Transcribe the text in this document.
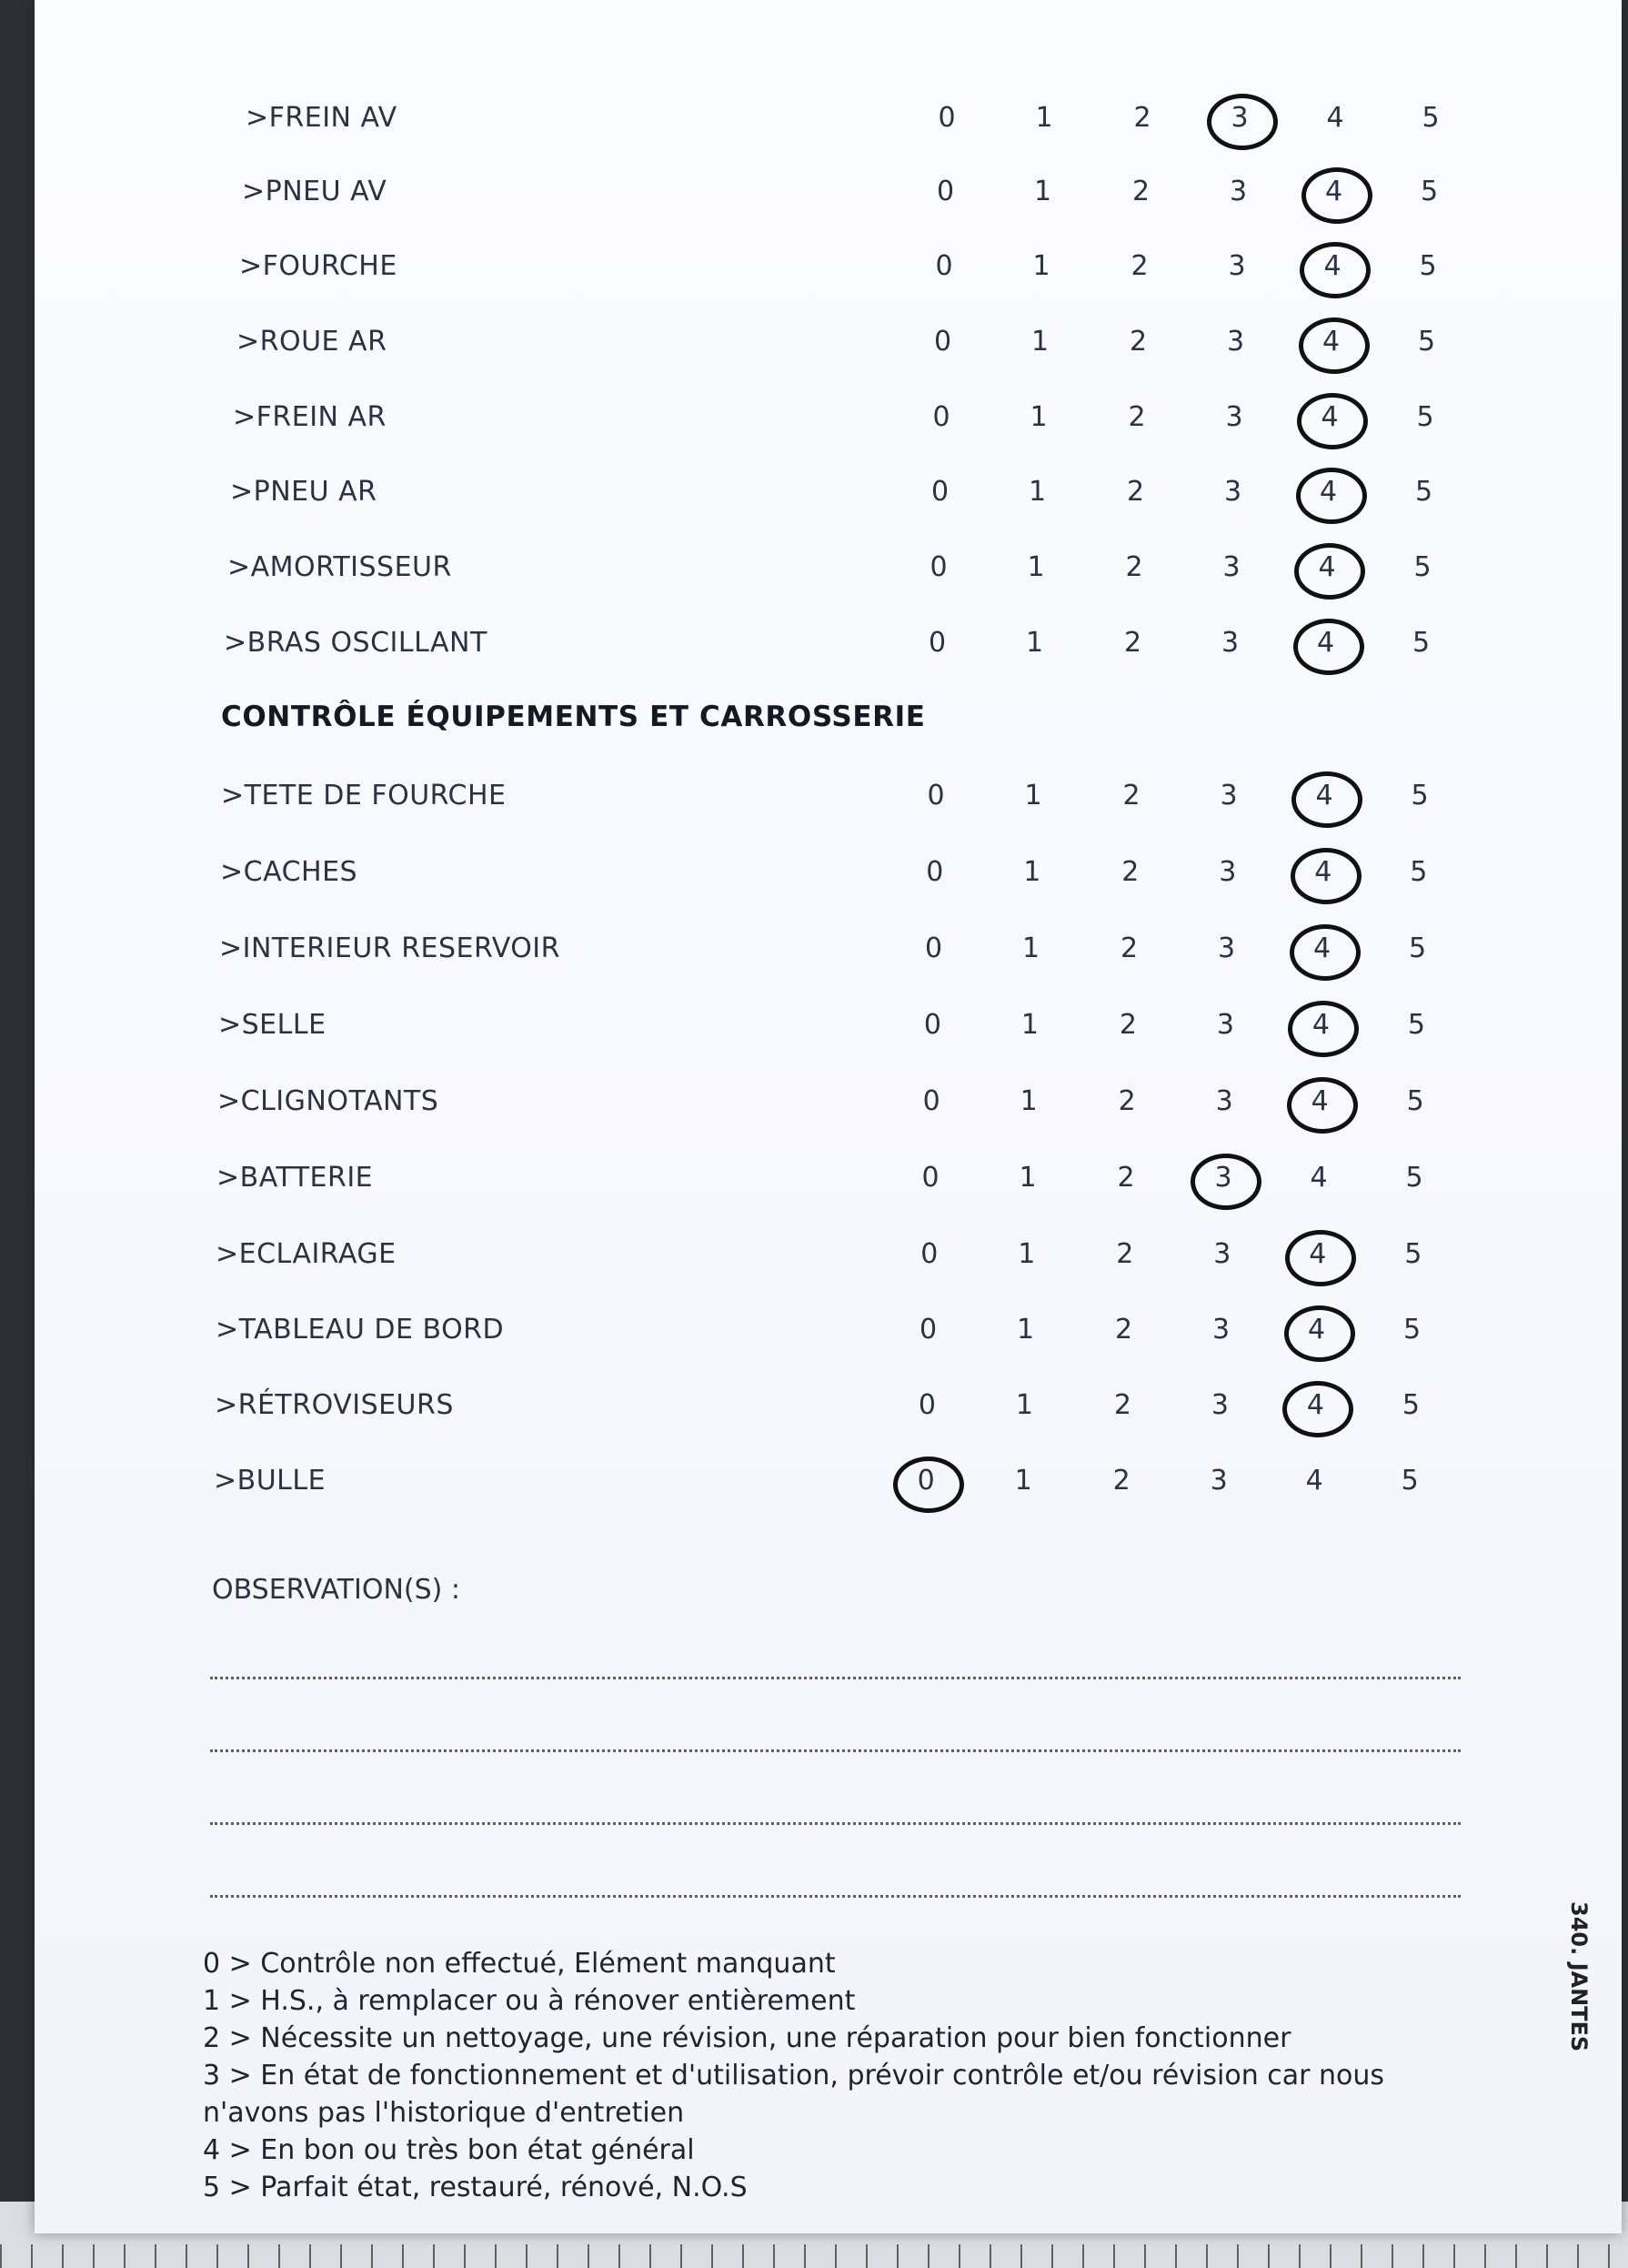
>FREIN AV	0	1	2	3	4	5
>PNEU AV	0	1	2	3	4	5
>FOURCHE	0	1	2	3	4	5
>ROUE AR	0	1	2	3	4	5
>FREIN AR	0	1	2	3	4	5
>PNEU AR	0	1	2	3	4	5
>AMORTISSEUR	0	1	2	3	4	5
>BRAS OSCILLANT	0	1	2	3	4	5
>TETE DE FOURCHE	0	1	2	3	4	5
>CACHES	0	1	2	3	4	5
>INTERIEUR RESERVOIR	0	1	2	3	4	5
>SELLE	0	1	2	3	4	5
>CLIGNOTANTS	0	1	2	3	4	5
>BATTERIE	0	1	2	3	4	5
>ECLAIRAGE	0	1	2	3	4	5
>TABLEAU DE BORD	0	1	2	3	4	5
>RÉTROVISEURS	0	1	2	3	4	5
>BULLE	0	1	2	3	4	5
CONTRÔLE ÉQUIPEMENTS ET CARROSSERIE
OBSERVATION(S) :

0 > Contrôle non effectué, Elément manquant

1 > H.S., à remplacer ou à rénover entièrement

2 > Nécessite un nettoyage, une révision, une réparation pour bien fonctionner

3 > En état de fonctionnement et d'utilisation, prévoir contrôle et/ou révision car nous n'avons pas l'historique d'entretien

4 > En bon ou très bon état général

5 > Parfait état, restauré, rénové, N.O.S

340. JANTES
